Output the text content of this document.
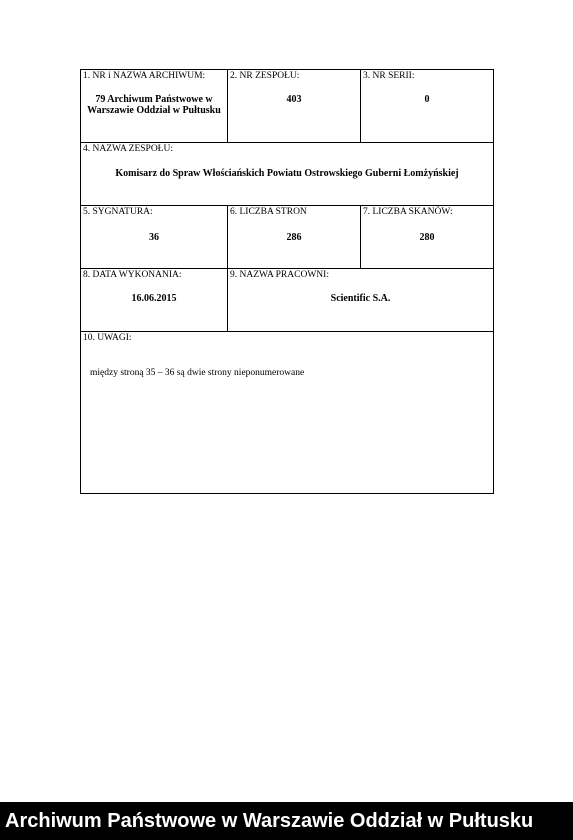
1. NR i NAZWA ARCHIWUM:
79 Archiwum Państwowe w Warszawie Oddział w Pułtusku
2. NR ZESPOŁU:
403
3. NR SERII:
0
4. NAZWA ZESPOŁU:
Komisarz do Spraw Włościańskich Powiatu Ostrowskiego Guberni Łomżyńskiej
5. SYGNATURA:
36
6. LICZBA STRON
286
7. LICZBA SKANÓW:
280
8. DATA WYKONANIA:
16.06.2015
9. NAZWA PRACOWNI:
Scientific S.A.
10. UWAGI:
między stroną 35 – 36 są dwie strony nieponumerowane
Archiwum Państwowe w Warszawie Oddział w Pułtusku
